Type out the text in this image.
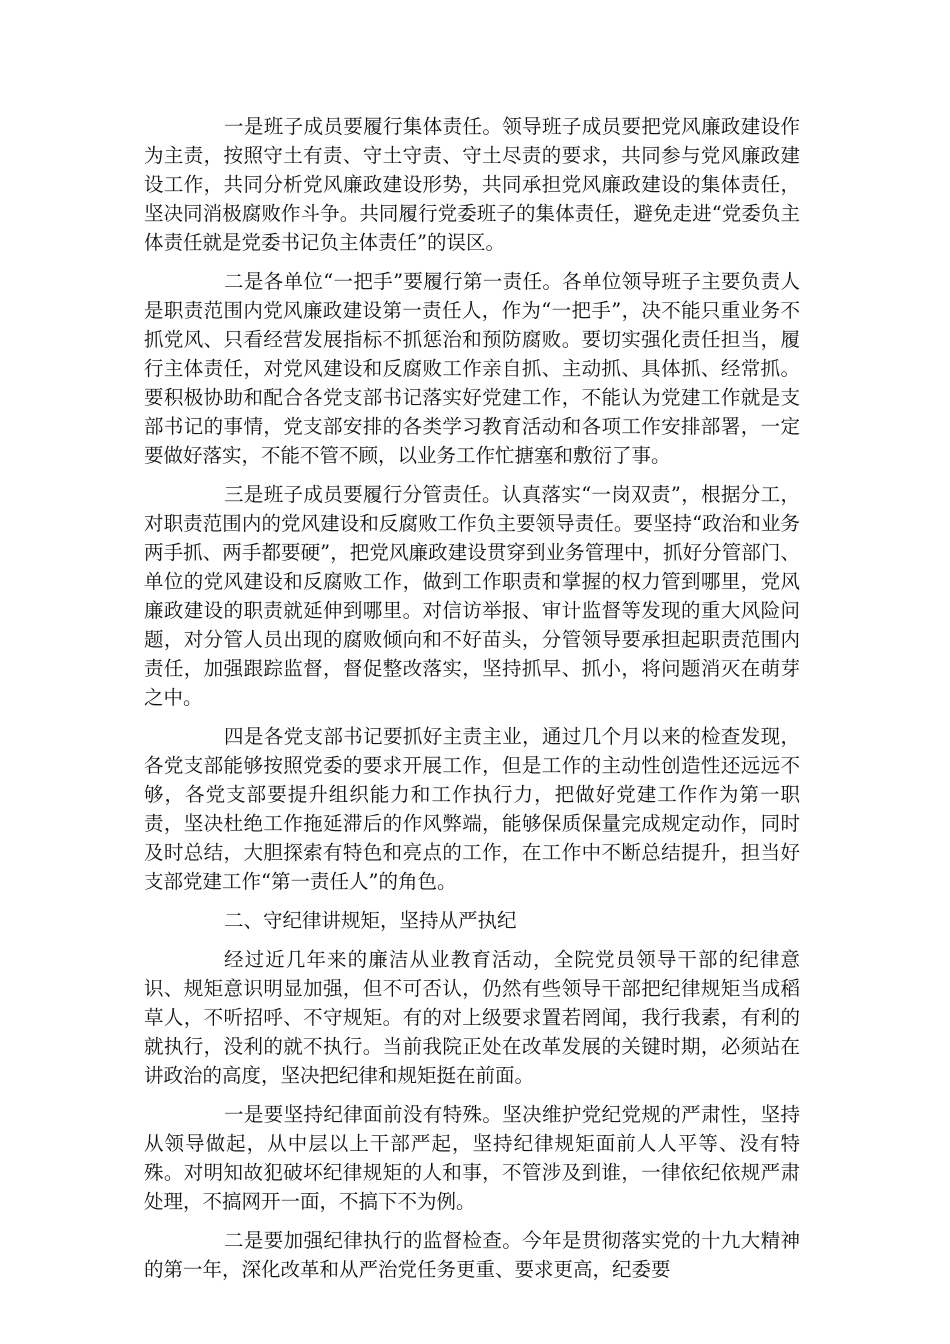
一是班子成员要履行集体责任。领导班子成员要把党风廉政建设作为主责，按照守土有责、守土守责、守土尽责的要求，共同参与党风廉政建设工作，共同分析党风廉政建设形势，共同承担党风廉政建设的集体责任，坚决同消极腐败作斗争。共同履行党委班子的集体责任，避免走进“党委负主体责任就是党委书记负主体责任”的误区。

二是各单位“一把手”要履行第一责任。各单位领导班子主要负责人是职责范围内党风廉政建设第一责任人，作为“一把手”，决不能只重业务不抓党风、只看经营发展指标不抓惩治和预防腐败。要切实强化责任担当，履行主体责任，对党风建设和反腐败工作亲自抓、主动抓、具体抓、经常抓。要积极协助和配合各党支部书记落实好党建工作，不能认为党建工作就是支部书记的事情，党支部安排的各类学习教育活动和各项工作安排部署，一定要做好落实，不能不管不顾，以业务工作忙搪塞和敷衍了事。

三是班子成员要履行分管责任。认真落实“一岗双责”，根据分工，对职责范围内的党风建设和反腐败工作负主要领导责任。要坚持“政治和业务两手抓、两手都要硬”，把党风廉政建设贯穿到业务管理中，抓好分管部门、单位的党风建设和反腐败工作，做到工作职责和掌握的权力管到哪里，党风廉政建设的职责就延伸到哪里。对信访举报、审计监督等发现的重大风险问题，对分管人员出现的腐败倾向和不好苗头，分管领导要承担起职责范围内责任，加强跟踪监督，督促整改落实，坚持抓早、抓小，将问题消灭在萌芽之中。

四是各党支部书记要抓好主责主业，通过几个月以来的检查发现，各党支部能够按照党委的要求开展工作，但是工作的主动性创造性还远远不够，各党支部要提升组织能力和工作执行力，把做好党建工作作为第一职责，坚决杜绝工作拖延滞后的作风弊端，能够保质保量完成规定动作，同时及时总结，大胆探索有特色和亮点的工作，在工作中不断总结提升，担当好支部党建工作“第一责任人”的角色。

二、守纪律讲规矩，坚持从严执纪

经过近几年来的廉洁从业教育活动，全院党员领导干部的纪律意识、规矩意识明显加强，但不可否认，仍然有些领导干部把纪律规矩当成稻草人，不听招呼、不守规矩。有的对上级要求置若罔闻，我行我素，有利的就执行，没利的就不执行。当前我院正处在改革发展的关键时期，必须站在讲政治的高度，坚决把纪律和规矩挺在前面。

一是要坚持纪律面前没有特殊。坚决维护党纪党规的严肃性，坚持从领导做起，从中层以上干部严起，坚持纪律规矩面前人人平等、没有特殊。对明知故犯破坏纪律规矩的人和事，不管涉及到谁，一律依纪依规严肃处理，不搞网开一面，不搞下不为例。

二是要加强纪律执行的监督检查。今年是贯彻落实党的十九大精神的第一年，深化改革和从严治党任务更重、要求更高，纪委要
